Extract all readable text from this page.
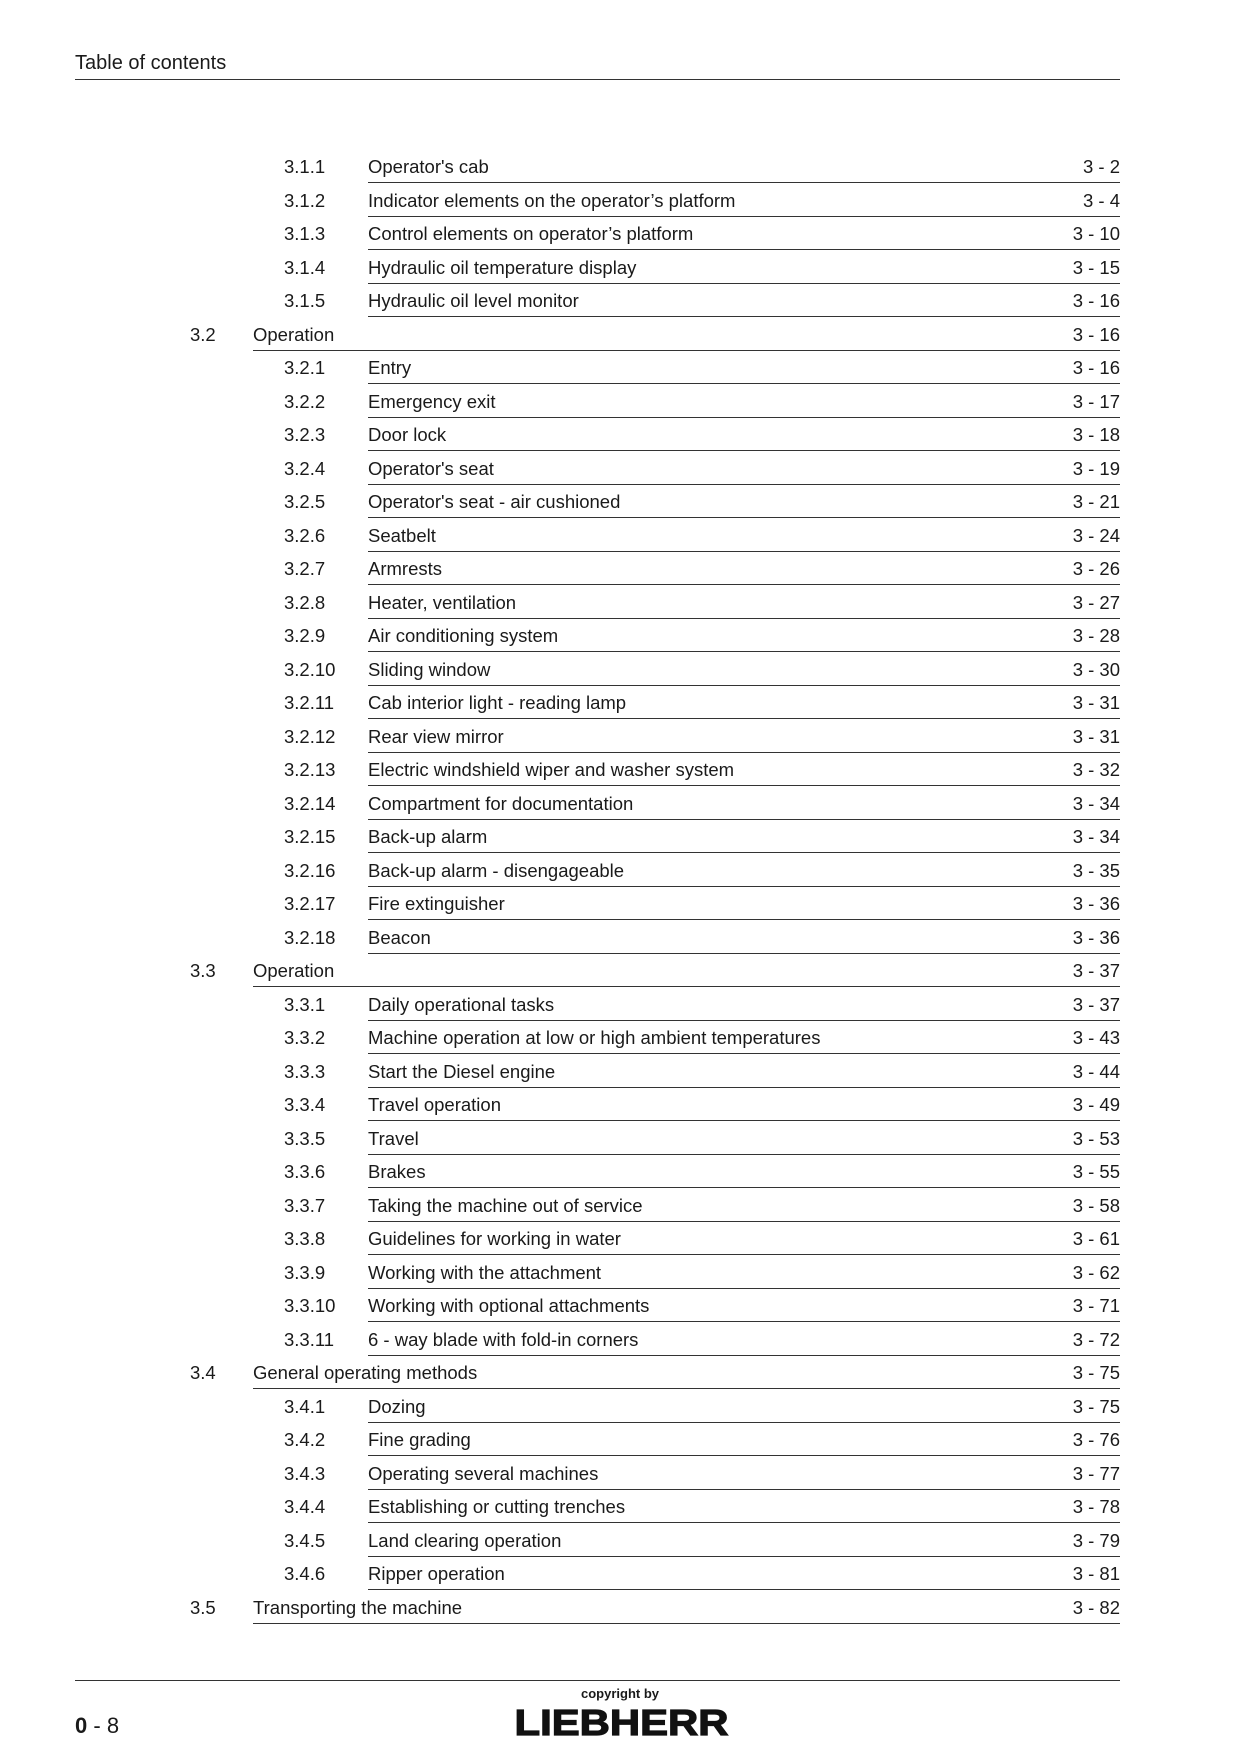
Table of contents
3.1.1 Operator's cab	3 - 2
3.1.2 Indicator elements on the operator’s platform	3 - 4
3.1.3 Control elements on operator’s platform	3 - 10
3.1.4 Hydraulic oil temperature display	3 - 15
3.1.5 Hydraulic oil level monitor	3 - 16
3.2 Operation	3 - 16
3.2.1 Entry	3 - 16
3.2.2 Emergency exit	3 - 17
3.2.3 Door lock	3 - 18
3.2.4 Operator's seat	3 - 19
3.2.5 Operator's seat - air cushioned	3 - 21
3.2.6 Seatbelt	3 - 24
3.2.7 Armrests	3 - 26
3.2.8 Heater, ventilation	3 - 27
3.2.9 Air conditioning system	3 - 28
3.2.10 Sliding window	3 - 30
3.2.11 Cab interior light - reading lamp	3 - 31
3.2.12 Rear view mirror	3 - 31
3.2.13 Electric windshield wiper and washer system	3 - 32
3.2.14 Compartment for documentation	3 - 34
3.2.15 Back-up alarm	3 - 34
3.2.16 Back-up alarm - disengageable	3 - 35
3.2.17 Fire extinguisher	3 - 36
3.2.18 Beacon	3 - 36
3.3 Operation	3 - 37
3.3.1 Daily operational tasks	3 - 37
3.3.2 Machine operation at low or high ambient temperatures	3 - 43
3.3.3 Start the Diesel engine	3 - 44
3.3.4 Travel operation	3 - 49
3.3.5 Travel	3 - 53
3.3.6 Brakes	3 - 55
3.3.7 Taking the machine out of service	3 - 58
3.3.8 Guidelines for working in water	3 - 61
3.3.9 Working with the attachment	3 - 62
3.3.10 Working with optional attachments	3 - 71
3.3.11 6 - way blade with fold-in corners	3 - 72
3.4 General operating methods	3 - 75
3.4.1 Dozing	3 - 75
3.4.2 Fine grading	3 - 76
3.4.3 Operating several machines	3 - 77
3.4.4 Establishing or cutting trenches	3 - 78
3.4.5 Land clearing operation	3 - 79
3.4.6 Ripper operation	3 - 81
3.5 Transporting the machine	3 - 82
0 - 8
copyright by
LIEBHERR
